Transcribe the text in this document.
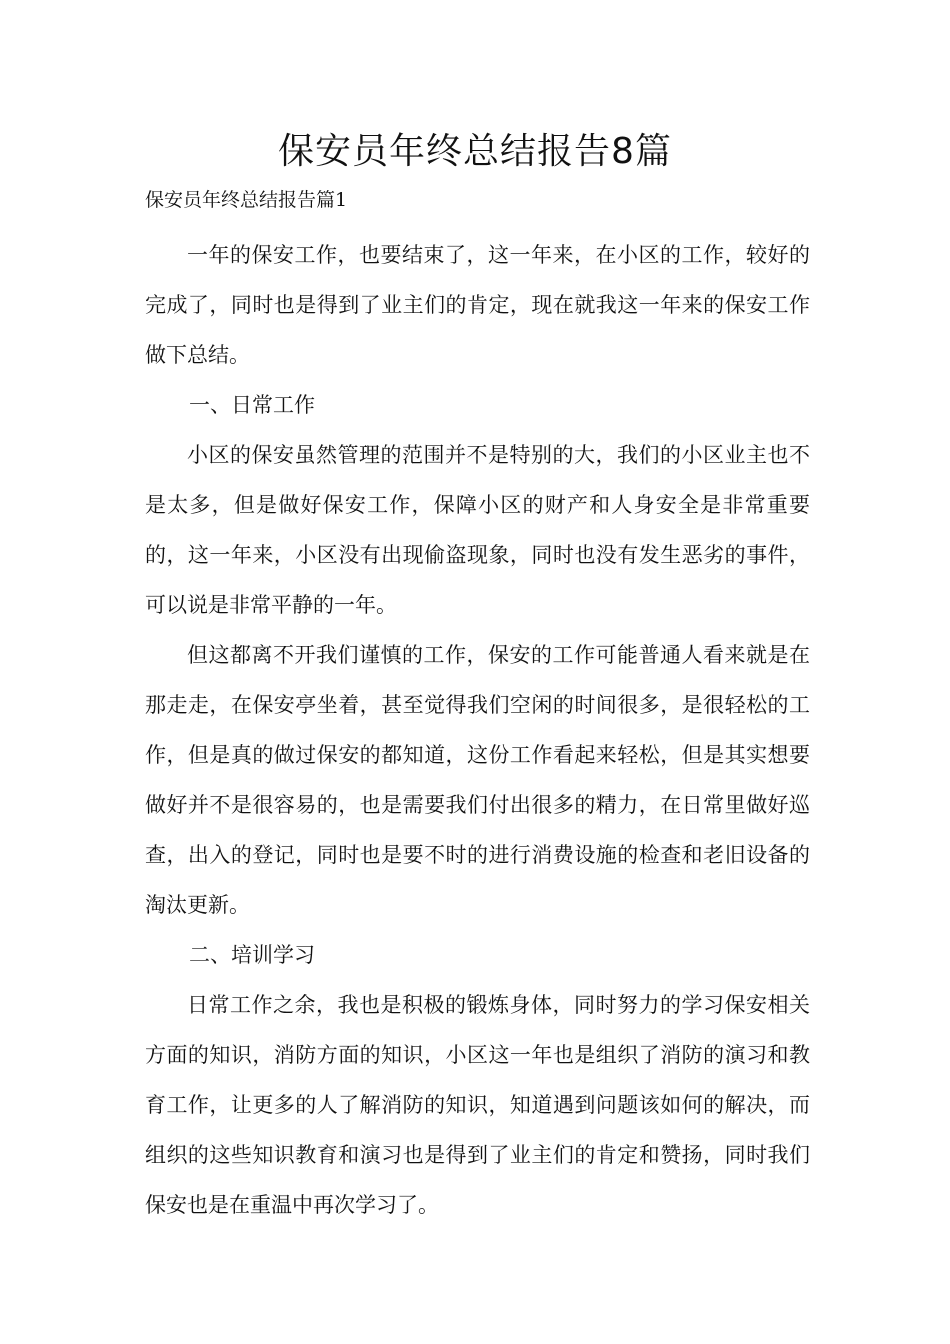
保安员年终总结报告8篇

保安员年终总结报告篇1

一年的保安工作，也要结束了，这一年来，在小区的工作，较好的完成了，同时也是得到了业主们的肯定，现在就我这一年来的保安工作做下总结。

一、日常工作

小区的保安虽然管理的范围并不是特别的大，我们的小区业主也不是太多，但是做好保安工作，保障小区的财产和人身安全是非常重要的，这一年来，小区没有出现偷盗现象，同时也没有发生恶劣的事件，可以说是非常平静的一年。

但这都离不开我们谨慎的工作，保安的工作可能普通人看来就是在那走走，在保安亭坐着，甚至觉得我们空闲的时间很多，是很轻松的工作，但是真的做过保安的都知道，这份工作看起来轻松，但是其实想要做好并不是很容易的，也是需要我们付出很多的精力，在日常里做好巡查，出入的登记，同时也是要不时的进行消费设施的检查和老旧设备的淘汰更新。

二、培训学习

日常工作之余，我也是积极的锻炼身体，同时努力的学习保安相关方面的知识，消防方面的知识，小区这一年也是组织了消防的演习和教育工作，让更多的人了解消防的知识，知道遇到问题该如何的解决，而组织的这些知识教育和演习也是得到了业主们的肯定和赞扬，同时我们保安也是在重温中再次学习了。
